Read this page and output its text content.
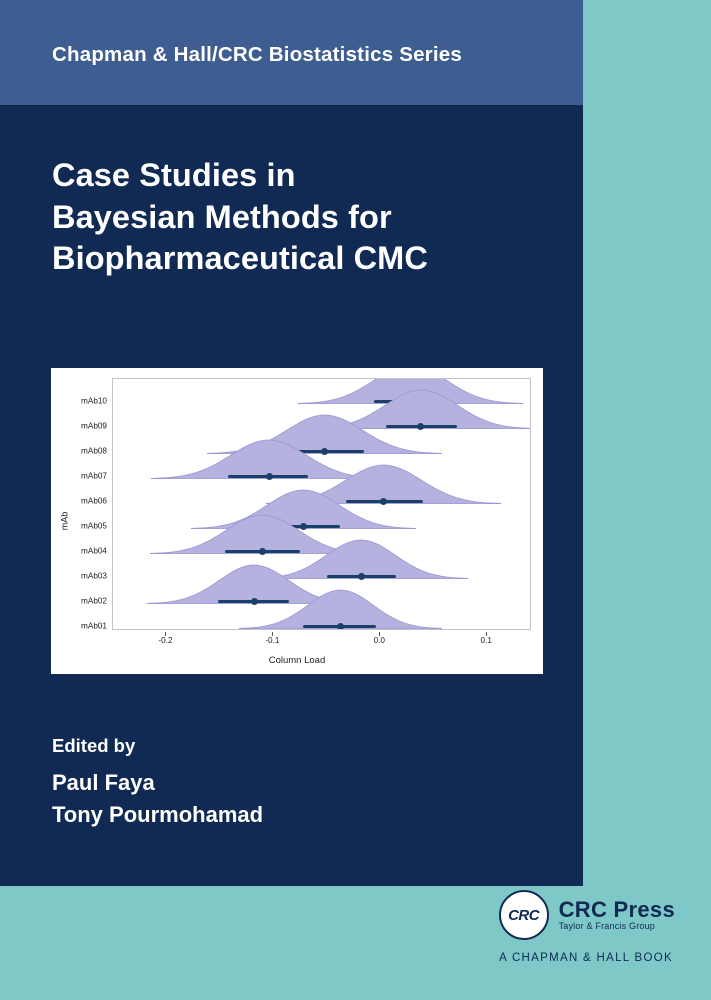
Chapman & Hall/CRC Biostatistics Series
Case Studies in
Bayesian Methods for
Biopharmaceutical CMC
mAb
mAb10
mAb09
mAb08
mAb07
mAb06
mAb05
mAb04
mAb03
mAb02
mAb01
-0.2	-0.1	0.0	0.1
Column Load
Edited by
Paul Faya
Tony Pourmohamad
CRC CRC Press
Taylor & Francis Group
A CHAPMAN & HALL BOOK
